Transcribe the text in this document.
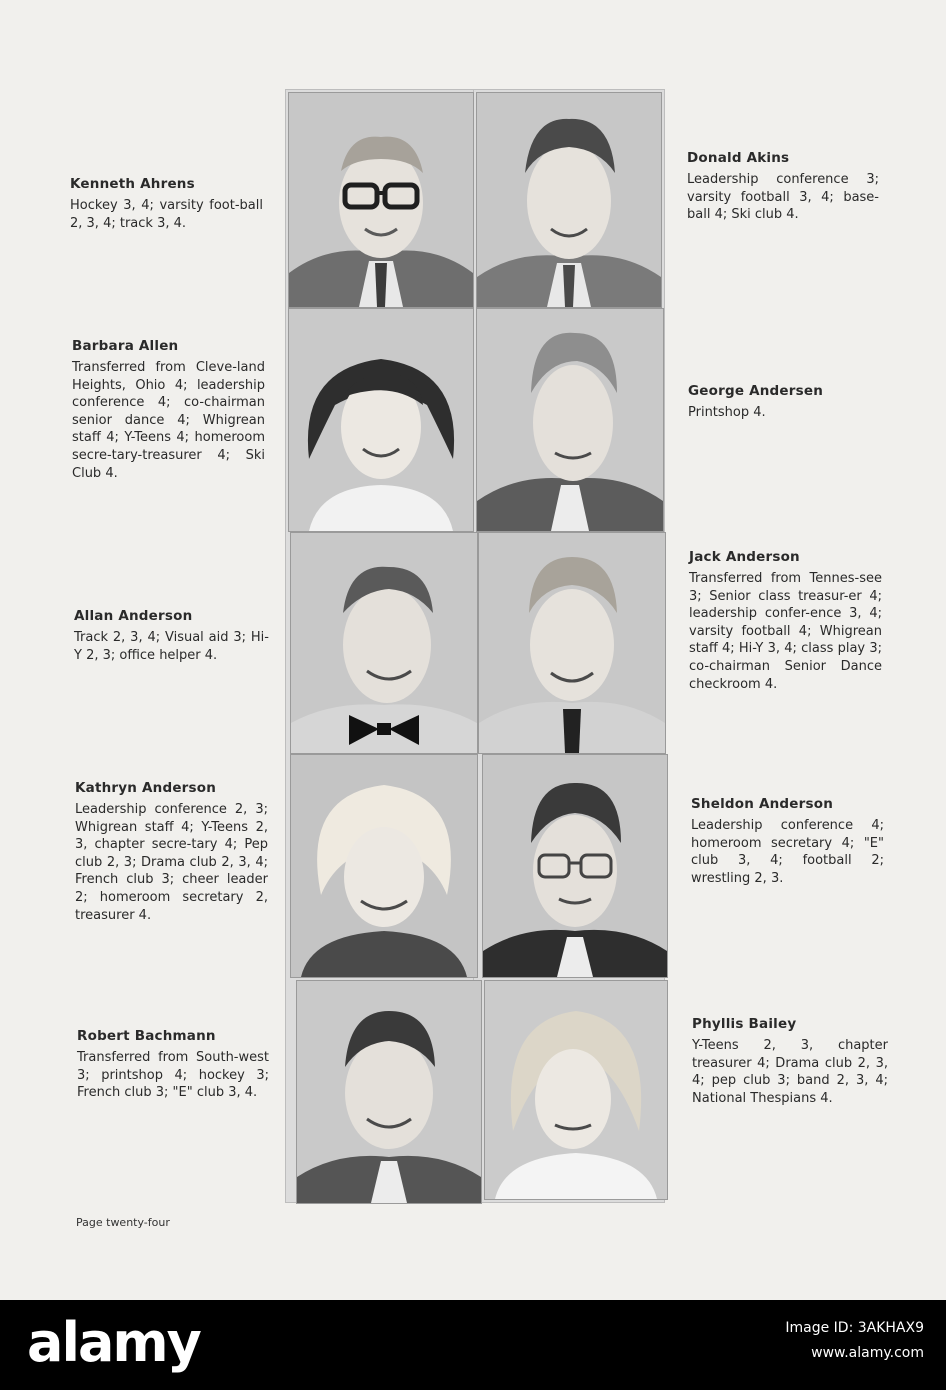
Kenneth Ahrens

Hockey 3, 4; varsity foot-ball 2, 3, 4; track 3, 4.

Barbara Allen

Transferred from Cleve-land Heights, Ohio 4; leadership conference 4; co-chairman senior dance 4; Whigrean staff 4; Y-Teens 4; homeroom secre-tary-treasurer 4; Ski Club 4.

Allan Anderson

Track 2, 3, 4; Visual aid 3; Hi-Y 2, 3; office helper 4.

Kathryn Anderson

Leadership conference 2, 3; Whigrean staff 4; Y-Teens 2, 3, chapter secre-tary 4; Pep club 2, 3; Drama club 2, 3, 4; French club 3; cheer leader 2; homeroom secretary 2, treasurer 4.

Robert Bachmann

Transferred from South-west 3; printshop 4; hockey 3; French club 3; "E" club 3, 4.

Donald Akins

Leadership conference 3; varsity football 3, 4; base-ball 4; Ski club 4.

George Andersen

Printshop 4.

Jack Anderson

Transferred from Tennes-see 3; Senior class treasur-er 4; leadership confer-ence 3, 4; varsity football 4; Whigrean staff 4; Hi-Y 3, 4; class play 3; co-chairman Senior Dance checkroom 4.

Sheldon Anderson

Leadership conference 4; homeroom secretary 4; "E" club 3, 4; football 2; wrestling 2, 3.

Phyllis Bailey

Y-Teens 2, 3, chapter treasurer 4; Drama club 2, 3, 4; pep club 3; band 2, 3, 4; National Thespians 4.

Page twenty-four
alamy	Image ID: 3AKHAX9
www.alamy.com
